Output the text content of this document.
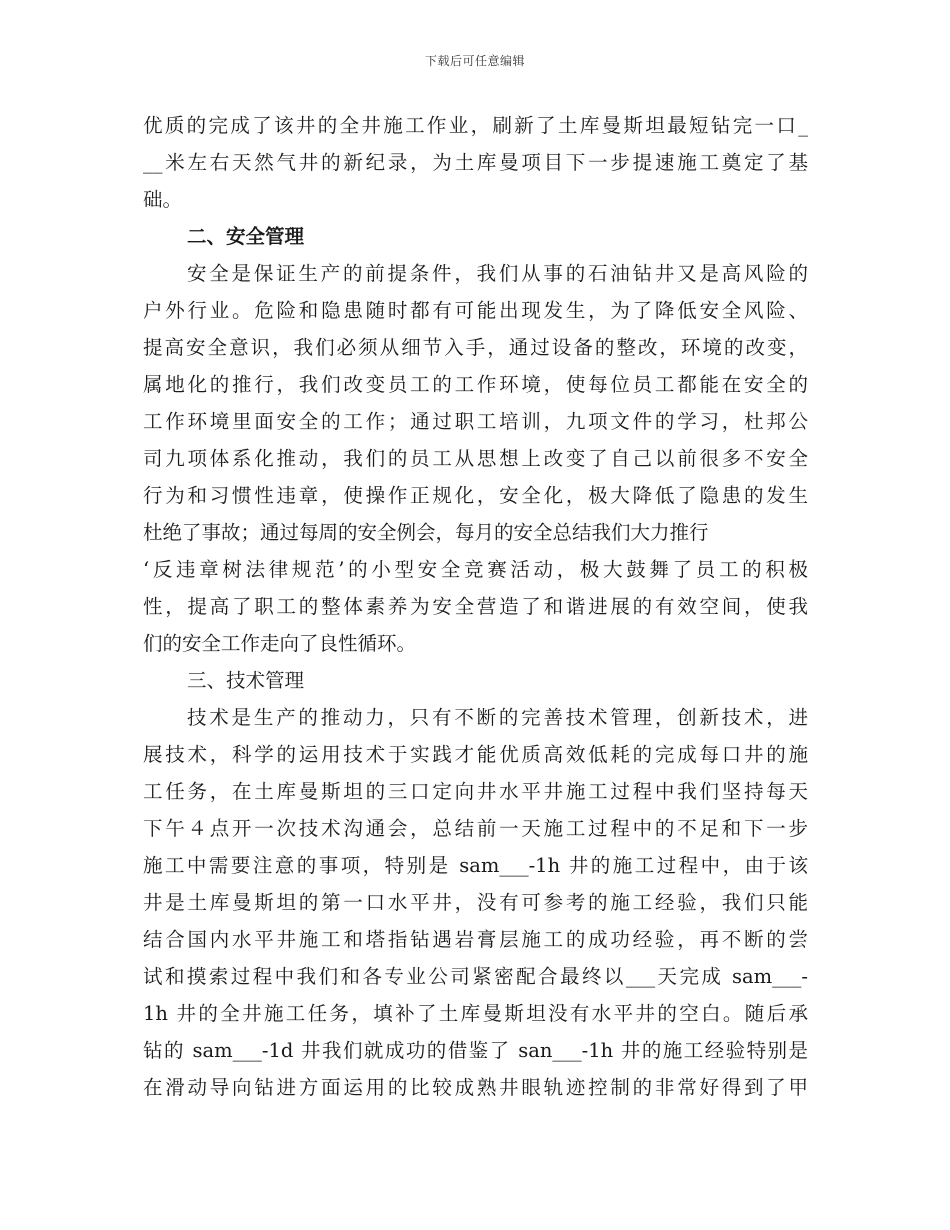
下载后可任意编辑
优质的完成了该井的全井施工作业，刷新了土库曼斯坦最短钻完一口_
__米左右天然气井的新纪录，为土库曼项目下一步提速施工奠定了基
础。
二、安全管理
安全是保证生产的前提条件，我们从事的石油钻井又是高风险的
户外行业。危险和隐患随时都有可能出现发生，为了降低安全风险、
提高安全意识，我们必须从细节入手，通过设备的整改，环境的改变，
属地化的推行，我们改变员工的工作环境，使每位员工都能在安全的
工作环境里面安全的工作；通过职工培训，九项文件的学习，杜邦公
司九项体系化推动，我们的员工从思想上改变了自己以前很多不安全
行为和习惯性违章，使操作正规化，安全化，极大降低了隐患的发生
杜绝了事故；通过每周的安全例会，每月的安全总结我们大力推行
‘反违章树法律规范’的小型安全竞赛活动，极大鼓舞了员工的积极
性，提高了职工的整体素养为安全营造了和谐进展的有效空间，使我
们的安全工作走向了良性循环。
三、技术管理
技术是生产的推动力，只有不断的完善技术管理，创新技术，进
展技术，科学的运用技术于实践才能优质高效低耗的完成每口井的施
工任务，在土库曼斯坦的三口定向井水平井施工过程中我们坚持每天
下午４点开一次技术沟通会，总结前一天施工过程中的不足和下一步
施工中需要注意的事项，特别是 sam___-1h 井的施工过程中，由于该
井是土库曼斯坦的第一口水平井，没有可参考的施工经验，我们只能
结合国内水平井施工和塔指钻遇岩膏层施工的成功经验，再不断的尝
试和摸索过程中我们和各专业公司紧密配合最终以___天完成 sam___-
1h 井的全井施工任务，填补了土库曼斯坦没有水平井的空白。随后承
钻的 sam___-1d 井我们就成功的借鉴了 san___-1h 井的施工经验特别是
在滑动导向钻进方面运用的比较成熟井眼轨迹控制的非常好得到了甲
